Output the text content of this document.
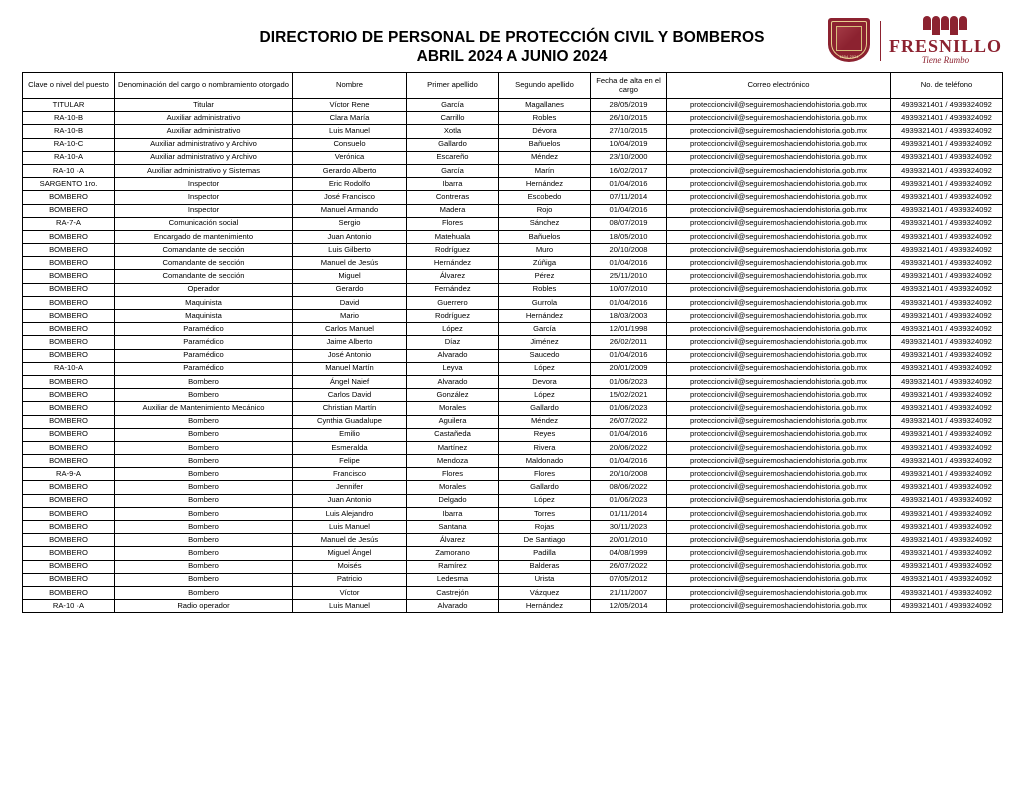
DIRECTORIO DE PERSONAL DE PROTECCIÓN CIVIL Y BOMBEROS
ABRIL 2024 A JUNIO 2024	1554-2024
FRESNILLO
Tiene Rumbo
Clave o nivel del puesto	Denominación del cargo o nombramiento otorgado	Nombre	Primer apellido	Segundo apellido	Fecha de alta en el cargo	Correo electrónico	No. de teléfono
TITULAR	Titular	Víctor Rene	García	Magallanes	28/05/2019	proteccioncivil@seguiremoshaciendohistoria.gob.mx	4939321401 / 4939324092
RA-10-B	Auxiliar administrativo	Clara María	Carrillo	Robles	26/10/2015	proteccioncivil@seguiremoshaciendohistoria.gob.mx	4939321401 / 4939324092
RA-10-B	Auxiliar administrativo	Luis Manuel	Xotla	Dévora	27/10/2015	proteccioncivil@seguiremoshaciendohistoria.gob.mx	4939321401 / 4939324092
RA-10-C	Auxiliar administrativo y Archivo	Consuelo	Gallardo	Bañuelos	10/04/2019	proteccioncivil@seguiremoshaciendohistoria.gob.mx	4939321401 / 4939324092
RA-10-A	Auxiliar administrativo y Archivo	Verónica	Escareño	Méndez	23/10/2000	proteccioncivil@seguiremoshaciendohistoria.gob.mx	4939321401 / 4939324092
RA-10 ·A	Auxiliar administrativo y Sistemas	Gerardo Alberto	García	Marín	16/02/2017	proteccioncivil@seguiremoshaciendohistoria.gob.mx	4939321401 / 4939324092
SARGENTO 1ro.	Inspector	Eric Rodolfo	Ibarra	Hernández	01/04/2016	proteccioncivil@seguiremoshaciendohistoria.gob.mx	4939321401 / 4939324092
BOMBERO	Inspector	José Francisco	Contreras	Escobedo	07/11/2014	proteccioncivil@seguiremoshaciendohistoria.gob.mx	4939321401 / 4939324092
BOMBERO	Inspector	Manuel Armando	Madera	Rojo	01/04/2016	proteccioncivil@seguiremoshaciendohistoria.gob.mx	4939321401 / 4939324092
RA-7-A	Comunicación social	Sergio	Flores	Sánchez	08/07/2019	proteccioncivil@seguiremoshaciendohistoria.gob.mx	4939321401 / 4939324092
BOMBERO	Encargado de mantenimiento	Juan Antonio	Matehuala	Bañuelos	18/05/2010	proteccioncivil@seguiremoshaciendohistoria.gob.mx	4939321401 / 4939324092
BOMBERO	Comandante de sección	Luis Gilberto	Rodríguez	Muro	20/10/2008	proteccioncivil@seguiremoshaciendohistoria.gob.mx	4939321401 / 4939324092
BOMBERO	Comandante de sección	Manuel de Jesús	Hernández	Zúñiga	01/04/2016	proteccioncivil@seguiremoshaciendohistoria.gob.mx	4939321401 / 4939324092
BOMBERO	Comandante de sección	Miguel	Álvarez	Pérez	25/11/2010	proteccioncivil@seguiremoshaciendohistoria.gob.mx	4939321401 / 4939324092
BOMBERO	Operador	Gerardo	Fernández	Robles	10/07/2010	proteccioncivil@seguiremoshaciendohistoria.gob.mx	4939321401 / 4939324092
BOMBERO	Maquinista	David	Guerrero	Gurrola	01/04/2016	proteccioncivil@seguiremoshaciendohistoria.gob.mx	4939321401 / 4939324092
BOMBERO	Maquinista	Mario	Rodríguez	Hernández	18/03/2003	proteccioncivil@seguiremoshaciendohistoria.gob.mx	4939321401 / 4939324092
BOMBERO	Paramédico	Carlos Manuel	López	García	12/01/1998	proteccioncivil@seguiremoshaciendohistoria.gob.mx	4939321401 / 4939324092
BOMBERO	Paramédico	Jaime Alberto	Díaz	Jiménez	26/02/2011	proteccioncivil@seguiremoshaciendohistoria.gob.mx	4939321401 / 4939324092
BOMBERO	Paramédico	José Antonio	Alvarado	Saucedo	01/04/2016	proteccioncivil@seguiremoshaciendohistoria.gob.mx	4939321401 / 4939324092
RA-10-A	Paramédico	Manuel Martín	Leyva	López	20/01/2009	proteccioncivil@seguiremoshaciendohistoria.gob.mx	4939321401 / 4939324092
BOMBERO	Bombero	Ángel Naief	Alvarado	Devora	01/06/2023	proteccioncivil@seguiremoshaciendohistoria.gob.mx	4939321401 / 4939324092
BOMBERO	Bombero	Carlos David	González	López	15/02/2021	proteccioncivil@seguiremoshaciendohistoria.gob.mx	4939321401 / 4939324092
BOMBERO	Auxiliar de Mantenimiento Mecánico	Christian Martín	Morales	Gallardo	01/06/2023	proteccioncivil@seguiremoshaciendohistoria.gob.mx	4939321401 / 4939324092
BOMBERO	Bombero	Cynthia Guadalupe	Aguilera	Méndez	26/07/2022	proteccioncivil@seguiremoshaciendohistoria.gob.mx	4939321401 / 4939324092
BOMBERO	Bombero	Emilio	Castañeda	Reyes	01/04/2016	proteccioncivil@seguiremoshaciendohistoria.gob.mx	4939321401 / 4939324092
BOMBERO	Bombero	Esmeralda	Martínez	Rivera	20/06/2022	proteccioncivil@seguiremoshaciendohistoria.gob.mx	4939321401 / 4939324092
BOMBERO	Bombero	Felipe	Mendoza	Maldonado	01/04/2016	proteccioncivil@seguiremoshaciendohistoria.gob.mx	4939321401 / 4939324092
RA-9-A	Bombero	Francisco	Flores	Flores	20/10/2008	proteccioncivil@seguiremoshaciendohistoria.gob.mx	4939321401 / 4939324092
BOMBERO	Bombero	Jennifer	Morales	Gallardo	08/06/2022	proteccioncivil@seguiremoshaciendohistoria.gob.mx	4939321401 / 4939324092
BOMBERO	Bombero	Juan Antonio	Delgado	López	01/06/2023	proteccioncivil@seguiremoshaciendohistoria.gob.mx	4939321401 / 4939324092
BOMBERO	Bombero	Luis Alejandro	Ibarra	Torres	01/11/2014	proteccioncivil@seguiremoshaciendohistoria.gob.mx	4939321401 / 4939324092
BOMBERO	Bombero	Luis Manuel	Santana	Rojas	30/11/2023	proteccioncivil@seguiremoshaciendohistoria.gob.mx	4939321401 / 4939324092
BOMBERO	Bombero	Manuel de Jesús	Álvarez	De Santiago	20/01/2010	proteccioncivil@seguiremoshaciendohistoria.gob.mx	4939321401 / 4939324092
BOMBERO	Bombero	Miguel Ángel	Zamorano	Padilla	04/08/1999	proteccioncivil@seguiremoshaciendohistoria.gob.mx	4939321401 / 4939324092
BOMBERO	Bombero	Moisés	Ramírez	Balderas	26/07/2022	proteccioncivil@seguiremoshaciendohistoria.gob.mx	4939321401 / 4939324092
BOMBERO	Bombero	Patricio	Ledesma	Urista	07/05/2012	proteccioncivil@seguiremoshaciendohistoria.gob.mx	4939321401 / 4939324092
BOMBERO	Bombero	Víctor	Castrejón	Vázquez	21/11/2007	proteccioncivil@seguiremoshaciendohistoria.gob.mx	4939321401 / 4939324092
RA-10 ·A	Radio operador	Luis Manuel	Alvarado	Hernández	12/05/2014	proteccioncivil@seguiremoshaciendohistoria.gob.mx	4939321401 / 4939324092
